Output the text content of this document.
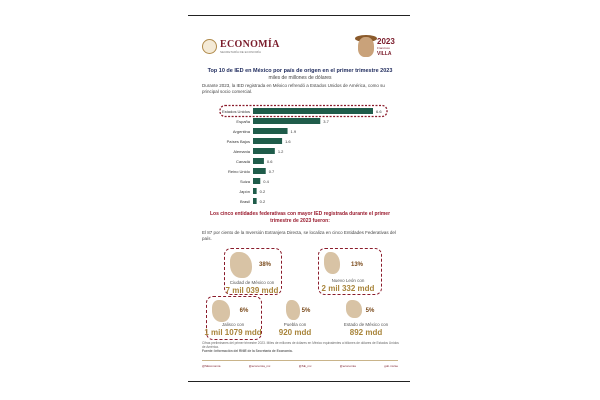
ECONOMÍA
SECRETARÍA DE ECONOMÍA
2023
Francisco
VILLA
Top 10 de IED en México por país de origen en el primer trimestre 2023
miles de millones de dólares
Durante 2023, la IED registrada en México refrendó a Estados Unidos de América, como su principal socio comercial.
Estados Unidos	6.6
España	3.7
Argentina	1.9
Países Bajos	1.6
Alemania	1.2
Canadá	0.6
Reino Unido	0.7
Suiza	0.4
Japón 0.2
Brasil 0.2
Los cinco entidades federativas con mayor IED registrada durante el primer trimestre de 2023 fueron:
El 87 por ciento de la Inversión Extranjera Directa, se localiza en cinco Entidades Federativas del país.
38%
Ciudad de México con
7 mil 039 mdd
13%
Nuevo León con
2 mil 332 mdd
6%
Jalisco con
1 mil 1079 mdd
5%
Puebla con
920 mdd
5%
Estado de México con
892 mdd
Cifras preliminares del primer trimestre 2023. Miles de millones de dólares en México equivalentes a billones de dólares de Estados Unidos de América.
Fuente: Información del RNIE de la Secretaría de Economía.
@SEconomia	@economia_mx	@SE_mx	@economia	gob.mx/se
